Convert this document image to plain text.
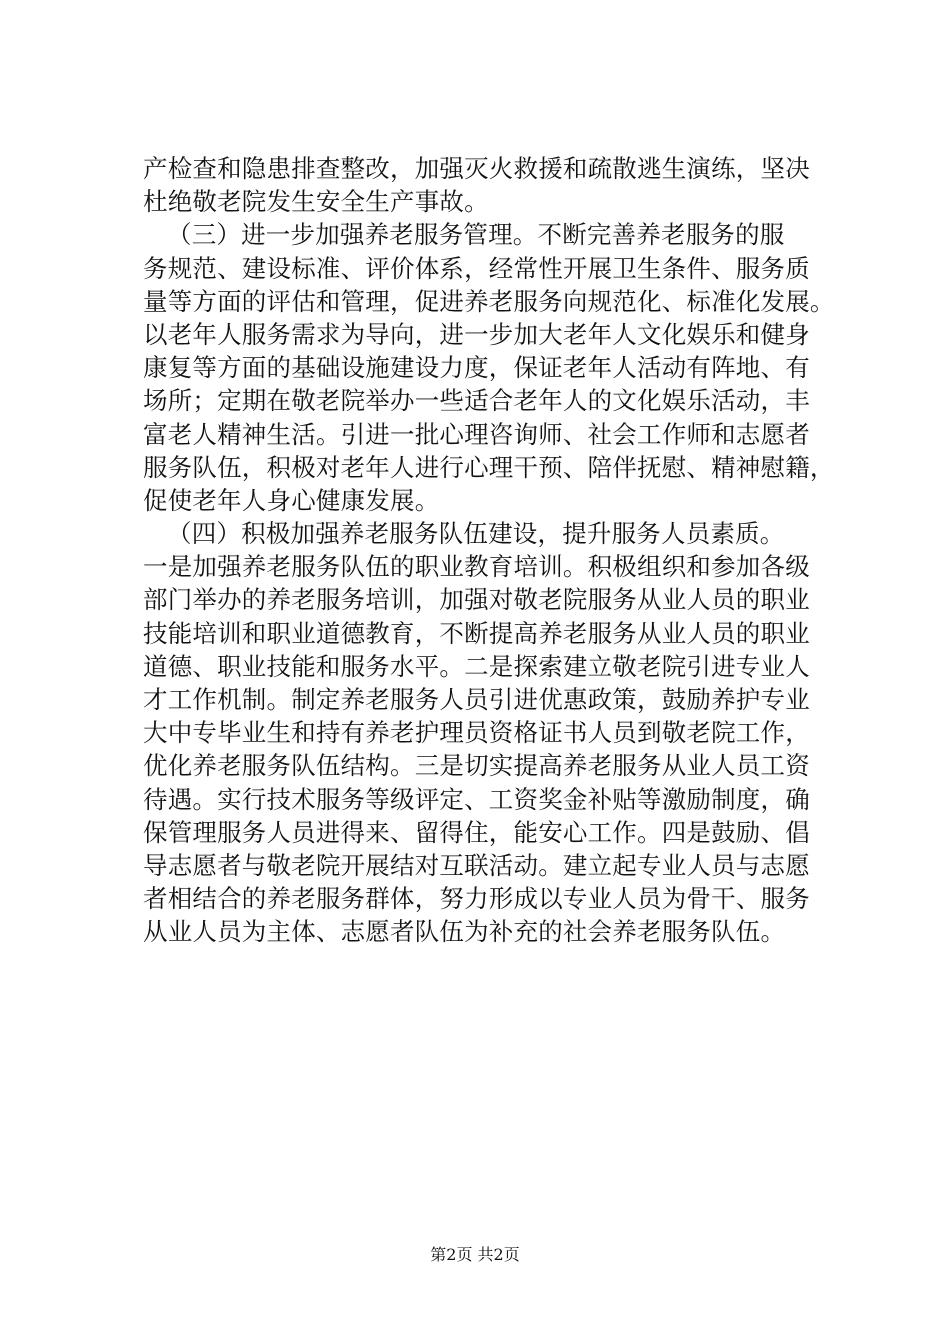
产检查和隐患排查整改，加强灭火救援和疏散逃生演练，坚决
杜绝敬老院发生安全生产事故。
（三）进一步加强养老服务管理。不断完善养老服务的服
务规范、建设标准、评价体系，经常性开展卫生条件、服务质
量等方面的评估和管理，促进养老服务向规范化、标准化发展。
以老年人服务需求为导向，进一步加大老年人文化娱乐和健身
康复等方面的基础设施建设力度，保证老年人活动有阵地、有
场所；定期在敬老院举办一些适合老年人的文化娱乐活动，丰
富老人精神生活。引进一批心理咨询师、社会工作师和志愿者
服务队伍，积极对老年人进行心理干预、陪伴抚慰、精神慰籍，
促使老年人身心健康发展。
（四）积极加强养老服务队伍建设，提升服务人员素质。
一是加强养老服务队伍的职业教育培训。积极组织和参加各级
部门举办的养老服务培训，加强对敬老院服务从业人员的职业
技能培训和职业道德教育，不断提高养老服务从业人员的职业
道德、职业技能和服务水平。二是探索建立敬老院引进专业人
才工作机制。制定养老服务人员引进优惠政策，鼓励养护专业
大中专毕业生和持有养老护理员资格证书人员到敬老院工作，
优化养老服务队伍结构。三是切实提高养老服务从业人员工资
待遇。实行技术服务等级评定、工资奖金补贴等激励制度，确
保管理服务人员进得来、留得住，能安心工作。四是鼓励、倡
导志愿者与敬老院开展结对互联活动。建立起专业人员与志愿
者相结合的养老服务群体，努力形成以专业人员为骨干、服务
从业人员为主体、志愿者队伍为补充的社会养老服务队伍。
第2页 共2页
